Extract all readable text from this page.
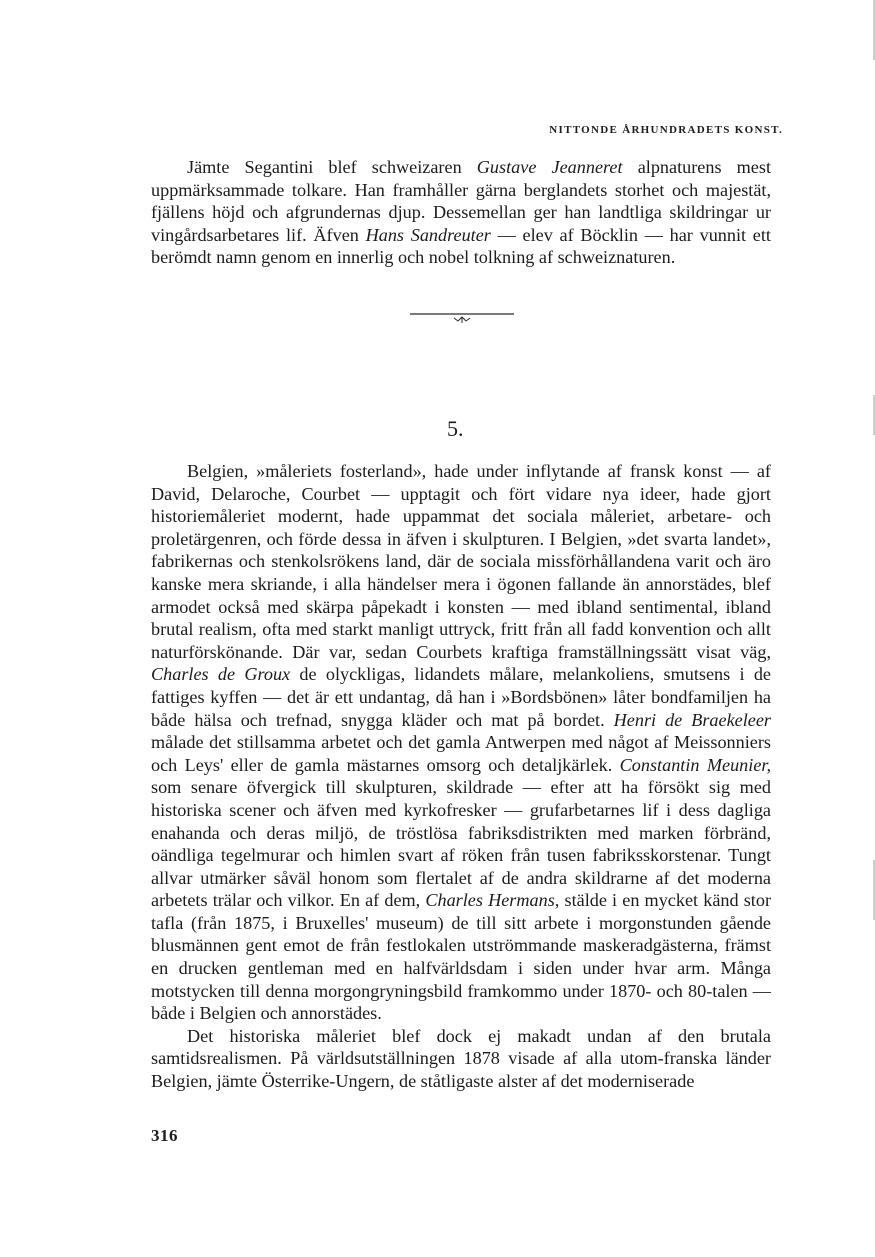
NITTONDE ÅRHUNDRADETS KONST.

Jämte Segantini blef schweizaren Gustave Jeanneret alpnaturens mest uppmärksammade tolkare. Han framhåller gärna berglandets storhet och majestät, fjällens höjd och afgrundernas djup. Dessemellan ger han landtliga skildringar ur vingårdsarbetares lif. Äfven Hans Sandreuter — elev af Böcklin — har vunnit ett berömdt namn genom en innerlig och nobel tolkning af schweiznaturen.

5.

Belgien, »måleriets fosterland», hade under inflytande af fransk konst — af David, Delaroche, Courbet — upptagit och fört vidare nya ideer, hade gjort historiemåleriet modernt, hade uppammat det sociala måleriet, arbetare- och proletärgenren, och förde dessa in äfven i skulpturen. I Belgien, »det svarta landet», fabrikernas och stenkolsrökens land, där de sociala missförhållandena varit och äro kanske mera skriande, i alla händelser mera i ögonen fallande än annorstädes, blef armodet också med skärpa påpekadt i konsten — med ibland sentimental, ibland brutal realism, ofta med starkt manligt uttryck, fritt från all fadd konvention och allt naturförskönande. Där var, sedan Courbets kraftiga framställningssätt visat väg, Charles de Groux de olyckligas, lidandets målare, melankoliens, smutsens i de fattiges kyffen — det är ett undantag, då han i »Bordsbönen» låter bondfamiljen ha både hälsa och trefnad, snygga kläder och mat på bordet. Henri de Braekeleer målade det stillsamma arbetet och det gamla Antwerpen med något af Meissonniers och Leys' eller de gamla mästarnes omsorg och detaljkärlek. Constantin Meunier, som senare öfvergick till skulpturen, skildrade — efter att ha försökt sig med historiska scener och äfven med kyrkofresker — grufarbetarnes lif i dess dagliga enahanda och deras miljö, de tröstlösa fabriksdistrikten med marken förbränd, oändliga tegelmurar och himlen svart af röken från tusen fabriksskorstenar. Tungt allvar utmärker såväl honom som flertalet af de andra skildrarne af det moderna arbetets trälar och vilkor. En af dem, Charles Hermans, stälde i en mycket känd stor tafla (från 1875, i Bruxelles' museum) de till sitt arbete i morgonstunden gående blusmännen gent emot de från festlokalen utströmmande maskeradgästerna, främst en drucken gentleman med en halfvärldsdam i siden under hvar arm. Många motstycken till denna morgongryningsbild framkommo under 1870- och 80-talen — både i Belgien och annorstädes.

Det historiska måleriet blef dock ej makadt undan af den brutala samtidsrealismen. På världsutställningen 1878 visade af alla utom-franska länder Belgien, jämte Österrike-Ungern, de ståtligaste alster af det moderniserade

316
